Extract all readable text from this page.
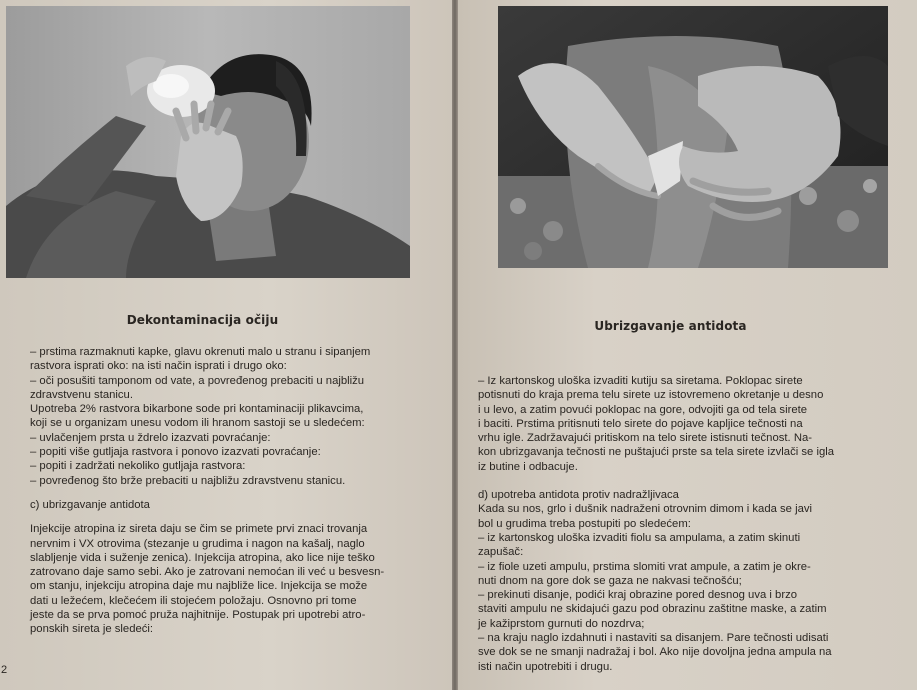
Dekontaminacija očiju

– prstima razmaknuti kapke, glavu okrenuti malo u stranu i sipanjem

rastvora isprati oko: na isti način isprati i drugo oko:

– oči posušiti tamponom od vate, a povređenog prebaciti u najbližu

zdravstvenu stanicu.

Upotreba 2% rastvora bikarbone sode pri kontaminaciji plikavcima,

koji se u organizam unesu vodom ili hranom sastoji se u sledećem:

– uvlačenjem prsta u ždrelo izazvati povraćanje:

– popiti više gutljaja rastvora i ponovo izazvati povraćanje:

– popiti i zadržati nekoliko gutljaja rastvora:

– povređenog što brže prebaciti u najbližu zdravstvenu stanicu.

c) ubrizgavanje antidota

Injekcije atropina iz sireta daju se čim se primete prvi znaci trovanja

nervnim i VX otrovima (stezanje u grudima i nagon na kašalj, naglo

slabljenje vida i suženje zenica). Injekcija atropina, ako lice nije teško

zatrovano daje samo sebi. Ako je zatrovani nemoćan ili već u besvesn-

om stanju, injekciju atropina daje mu najbliže lice. Injekcija se može

dati u ležećem, klečećem ili stojećem položaju. Osnovno pri tome

jeste da se prva pomoć pruža najhitnije. Postupak pri upotrebi atro-

ponskih sireta je sledeći:

2
Ubrizgavanje antidota

– Iz kartonskog uloška izvaditi kutiju sa siretama. Poklopac sirete

potisnuti do kraja prema telu sirete uz istovremeno okretanje u desno

i u levo, a zatim povući poklopac na gore, odvojiti ga od tela sirete

i baciti. Prstima pritisnuti telo sirete do pojave kapljice tečnosti na

vrhu igle. Zadržavajući pritiskom na telo sirete istisnuti tečnost. Na-

kon ubrizgavanja tečnosti ne puštajući prste sa tela sirete izvlači se igla

iz butine i odbacuje.

d) upotreba antidota protiv nadražljivaca

Kada su nos, grlo i dušnik nadraženi otrovnim dimom i kada se javi

bol u grudima treba postupiti po sledećem:

– iz kartonskog uloška izvaditi fiolu sa ampulama, a zatim skinuti

zapušač:

– iz fiole uzeti ampulu, prstima slomiti vrat ampule, a zatim je okre-

nuti dnom na gore dok se gaza ne nakvasi tečnošću;

– prekinuti disanje, podići kraj obrazine pored desnog uva i brzo

staviti ampulu ne skidajući gazu pod obrazinu zaštitne maske, a zatim

je kažiprstom gurnuti do nozdrva;

– na kraju naglo izdahnuti i nastaviti sa disanjem. Pare tečnosti udisati

sve dok se ne smanji nadražaj i bol. Ako nije dovoljna jedna ampula na

isti način upotrebiti i drugu.
